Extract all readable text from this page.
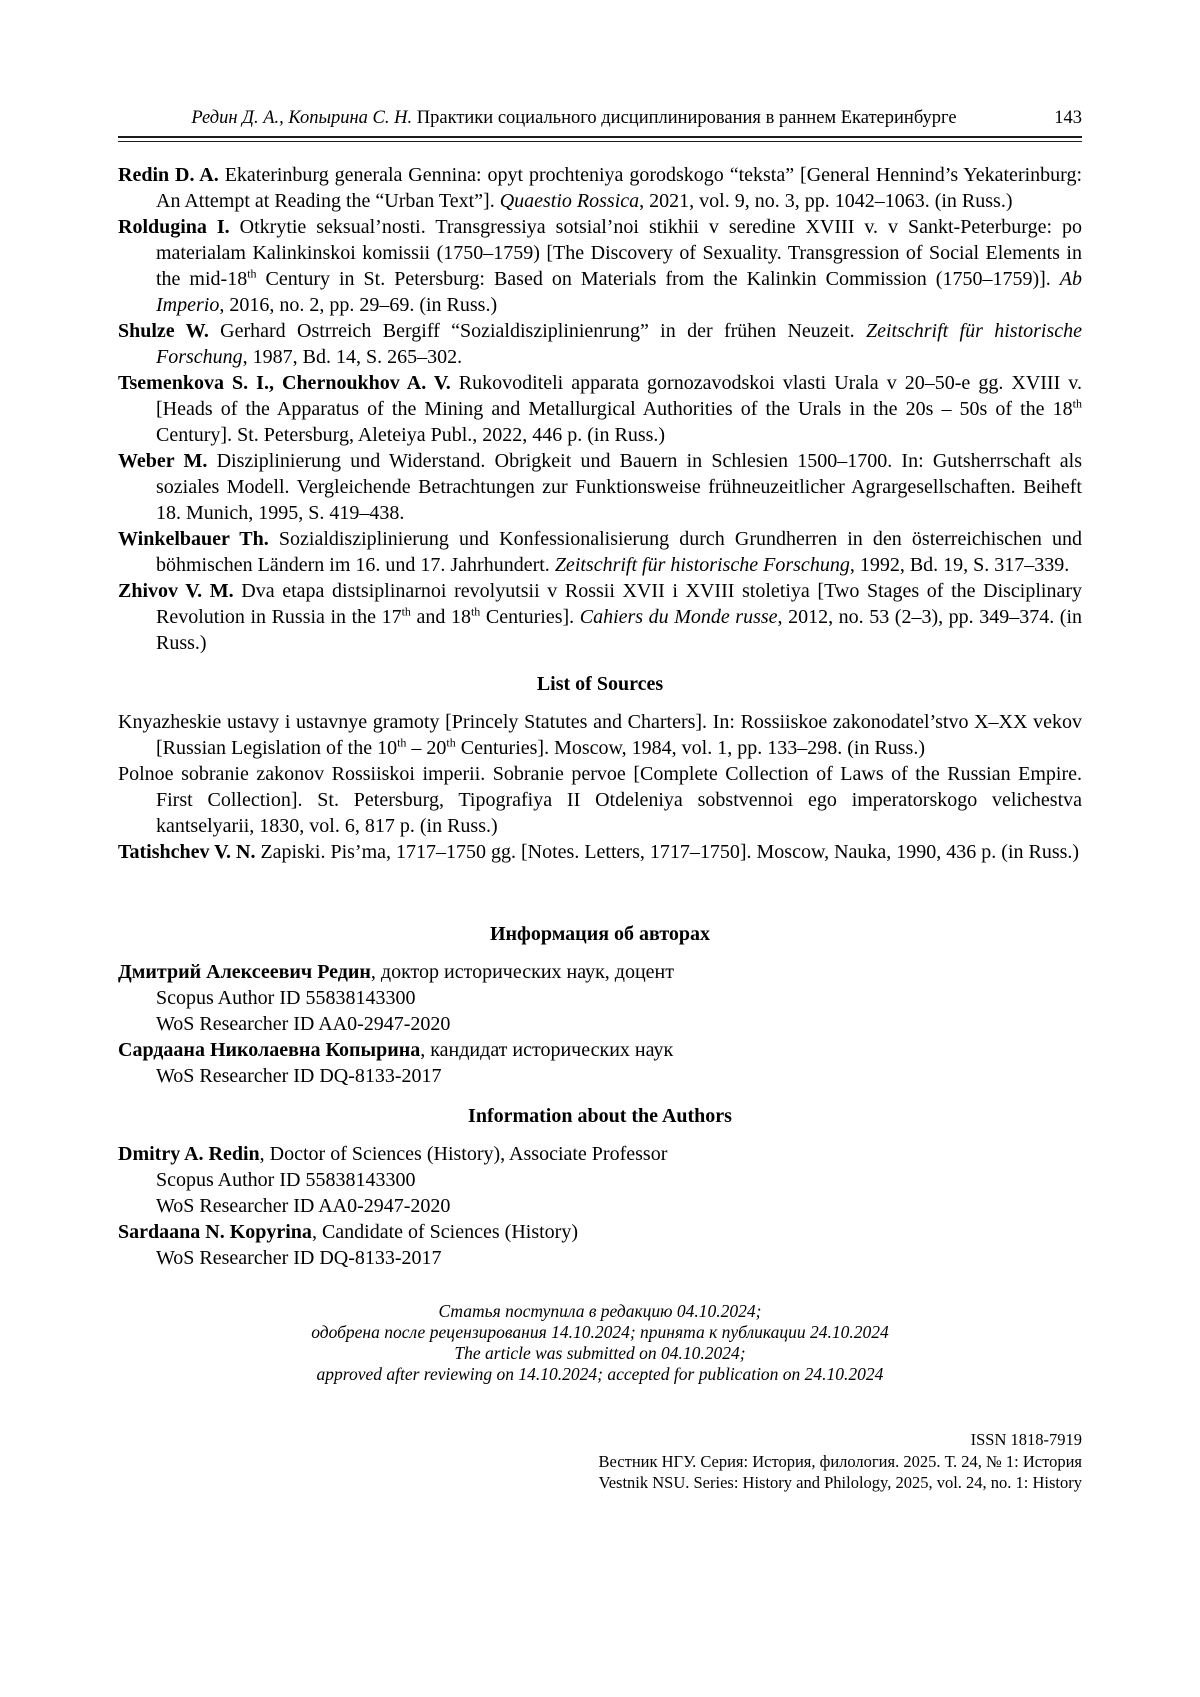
Редин Д. А., Копырина С. Н. Практики социального дисциплинирования в раннем Екатеринбурге	143

Redin D. A. Ekaterinburg generala Gennina: opyt prochteniya gorodskogo “teksta” [General Hennind’s Yekaterinburg: An Attempt at Reading the “Urban Text”]. Quaestio Rossica, 2021, vol. 9, no. 3, pp. 1042–1063. (in Russ.)

Roldugina I. Otkrytie seksual’nosti. Transgressiya sotsial’noi stikhii v seredine XVIII v. v Sankt-Peterburge: po materialam Kalinkinskoi komissii (1750–1759) [The Discovery of Sexuality. Transgression of Social Elements in the mid-18th Century in St. Petersburg: Based on Materials from the Kalinkin Commission (1750–1759)]. Ab Imperio, 2016, no. 2, pp. 29–69. (in Russ.)

Shulze W. Gerhard Ostrreich Bergiff “Sozialdisziplinienrung” in der frühen Neuzeit. Zeitschrift für historische Forschung, 1987, Bd. 14, S. 265–302.

Tsemenkova S. I., Chernoukhov A. V. Rukovoditeli apparata gornozavodskoi vlasti Urala v 20–50-e gg. XVIII v. [Heads of the Apparatus of the Mining and Metallurgical Authorities of the Urals in the 20s – 50s of the 18th Century]. St. Petersburg, Aleteiya Publ., 2022, 446 p. (in Russ.)

Weber M. Disziplinierung und Widerstand. Obrigkeit und Bauern in Schlesien 1500–1700. In: Gutsherrschaft als soziales Modell. Vergleichende Betrachtungen zur Funktionsweise frühneuzeitlicher Agrargesellschaften. Beiheft 18. Munich, 1995, S. 419–438.

Winkelbauer Th. Sozialdisziplinierung und Konfessionalisierung durch Grundherren in den österreichischen und böhmischen Ländern im 16. und 17. Jahrhundert. Zeitschrift für historische Forschung, 1992, Bd. 19, S. 317–339.

Zhivov V. M. Dva etapa distsiplinarnoi revolyutsii v Rossii XVII i XVIII stoletiya [Two Stages of the Disciplinary Revolution in Russia in the 17th and 18th Centuries]. Cahiers du Monde russe, 2012, no. 53 (2–3), pp. 349–374. (in Russ.)

List of Sources

Knyazheskie ustavy i ustavnye gramoty [Princely Statutes and Charters]. In: Rossiiskoe zakonodatel’stvo X–XX vekov [Russian Legislation of the 10th – 20th Centuries]. Moscow, 1984, vol. 1, pp. 133–298. (in Russ.)

Polnoe sobranie zakonov Rossiiskoi imperii. Sobranie pervoe [Complete Collection of Laws of the Russian Empire. First Collection]. St. Petersburg, Tipografiya II Otdeleniya sobstvennoi ego imperatorskogo velichestva kantselyarii, 1830, vol. 6, 817 p. (in Russ.)

Tatishchev V. N. Zapiski. Pis’ma, 1717–1750 gg. [Notes. Letters, 1717–1750]. Moscow, Nauka, 1990, 436 p. (in Russ.)

Информация об авторах

Дмитрий Алексеевич Редин, доктор исторических наук, доцент

Scopus Author ID 55838143300

WoS Researcher ID AA0-2947-2020

Сардаана Николаевна Копырина, кандидат исторических наук

WoS Researcher ID DQ-8133-2017

Information about the Authors

Dmitry A. Redin, Doctor of Sciences (History), Associate Professor

Scopus Author ID 55838143300

WoS Researcher ID AA0-2947-2020

Sardaana N. Kopyrina, Candidate of Sciences (History)

WoS Researcher ID DQ-8133-2017

Статья поступила в редакцию 04.10.2024;
одобрена после рецензирования 14.10.2024; принята к публикации 24.10.2024
The article was submitted on 04.10.2024;
approved after reviewing on 14.10.2024; accepted for publication on 24.10.2024
ISSN 1818-7919
Вестник НГУ. Серия: История, филология. 2025. Т. 24, № 1: История
Vestnik NSU. Series: History and Philology, 2025, vol. 24, no. 1: History
